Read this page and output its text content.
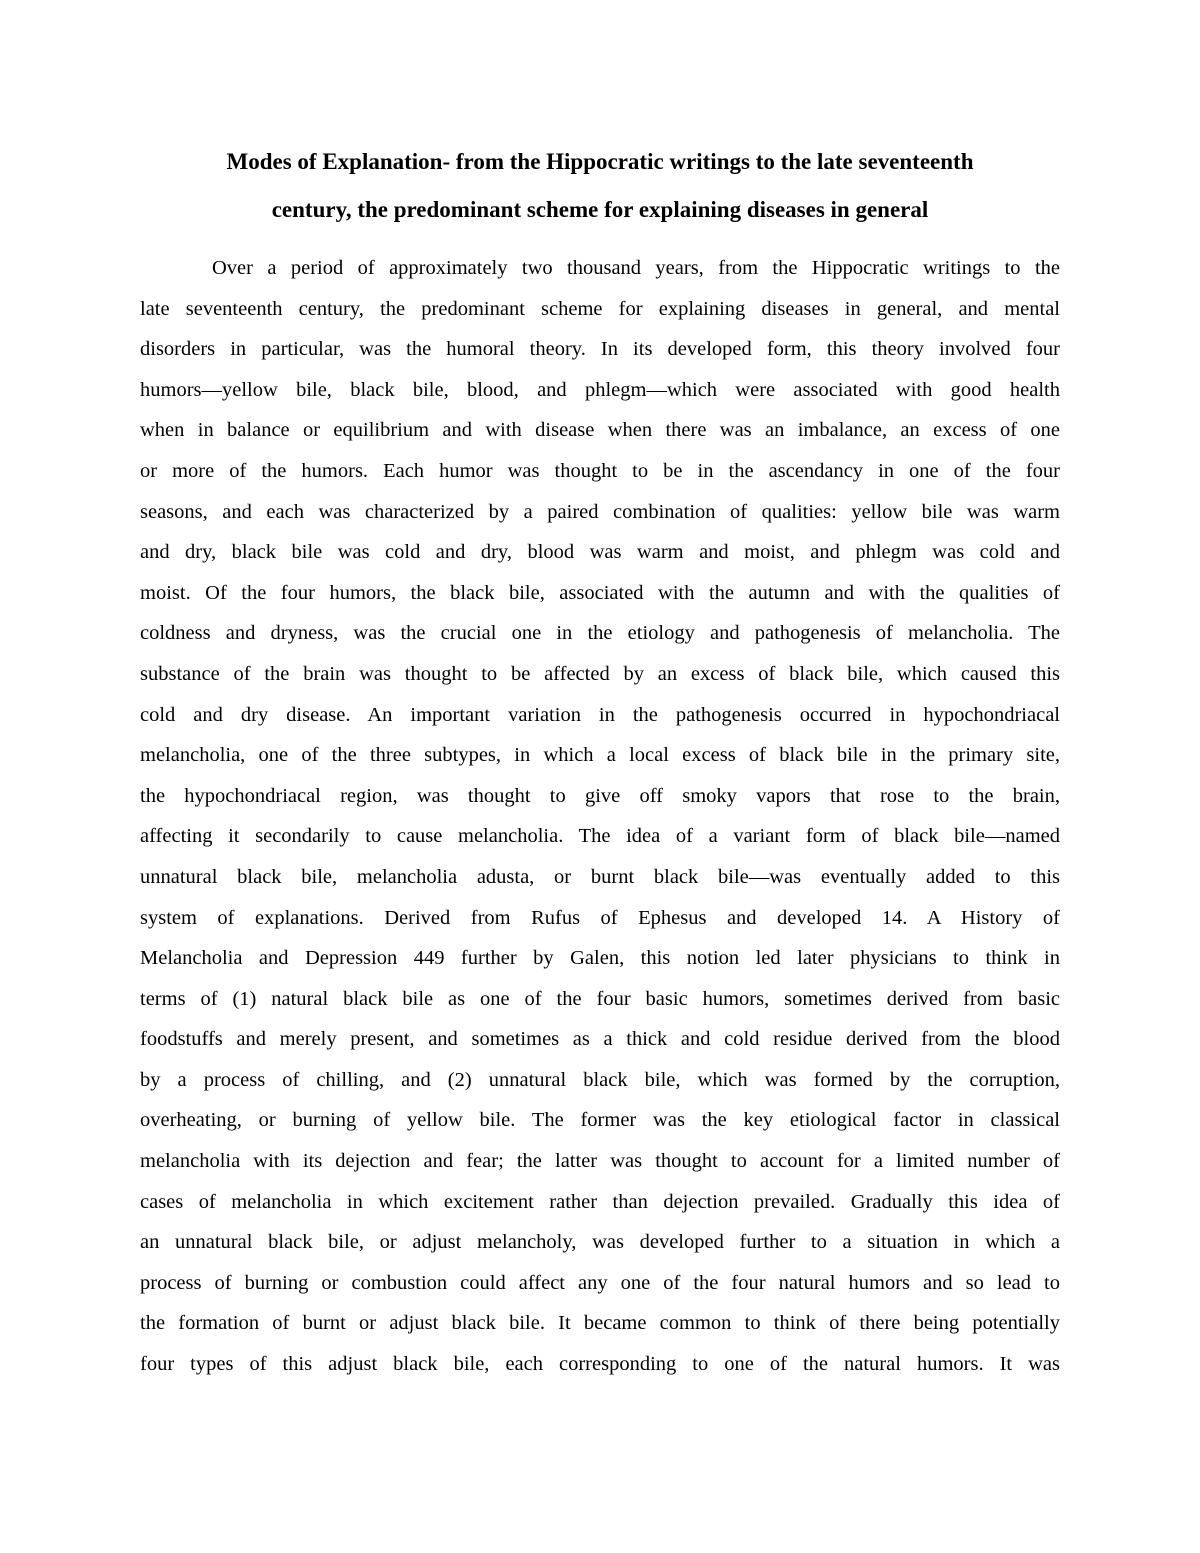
Modes of Explanation- from the Hippocratic writings to the late seventeenth
century, the predominant scheme for explaining diseases in general
Over a period of approximately two thousand years, from the Hippocratic writings to the
late seventeenth century, the predominant scheme for explaining diseases in general, and mental
disorders in particular, was the humoral theory. In its developed form, this theory involved four
humors—yellow bile, black bile, blood, and phlegm—which were associated with good health
when in balance or equilibrium and with disease when there was an imbalance, an excess of one
or more of the humors. Each humor was thought to be in the ascendancy in one of the four
seasons, and each was characterized by a paired combination of qualities: yellow bile was warm
and dry, black bile was cold and dry, blood was warm and moist, and phlegm was cold and
moist. Of the four humors, the black bile, associated with the autumn and with the qualities of
coldness and dryness, was the crucial one in the etiology and pathogenesis of melancholia. The
substance of the brain was thought to be affected by an excess of black bile, which caused this
cold and dry disease. An important variation in the pathogenesis occurred in hypochondriacal
melancholia, one of the three subtypes, in which a local excess of black bile in the primary site,
the hypochondriacal region, was thought to give off smoky vapors that rose to the brain,
affecting it secondarily to cause melancholia. The idea of a variant form of black bile—named
unnatural black bile, melancholia adusta, or burnt black bile—was eventually added to this
system of explanations. Derived from Rufus of Ephesus and developed 14. A History of
Melancholia and Depression 449 further by Galen, this notion led later physicians to think in
terms of (1) natural black bile as one of the four basic humors, sometimes derived from basic
foodstuffs and merely present, and sometimes as a thick and cold residue derived from the blood
by a process of chilling, and (2) unnatural black bile, which was formed by the corruption,
overheating, or burning of yellow bile. The former was the key etiological factor in classical
melancholia with its dejection and fear; the latter was thought to account for a limited number of
cases of melancholia in which excitement rather than dejection prevailed. Gradually this idea of
an unnatural black bile, or adjust melancholy, was developed further to a situation in which a
process of burning or combustion could affect any one of the four natural humors and so lead to
the formation of burnt or adjust black bile. It became common to think of there being potentially
four types of this adjust black bile, each corresponding to one of the natural humors. It was
